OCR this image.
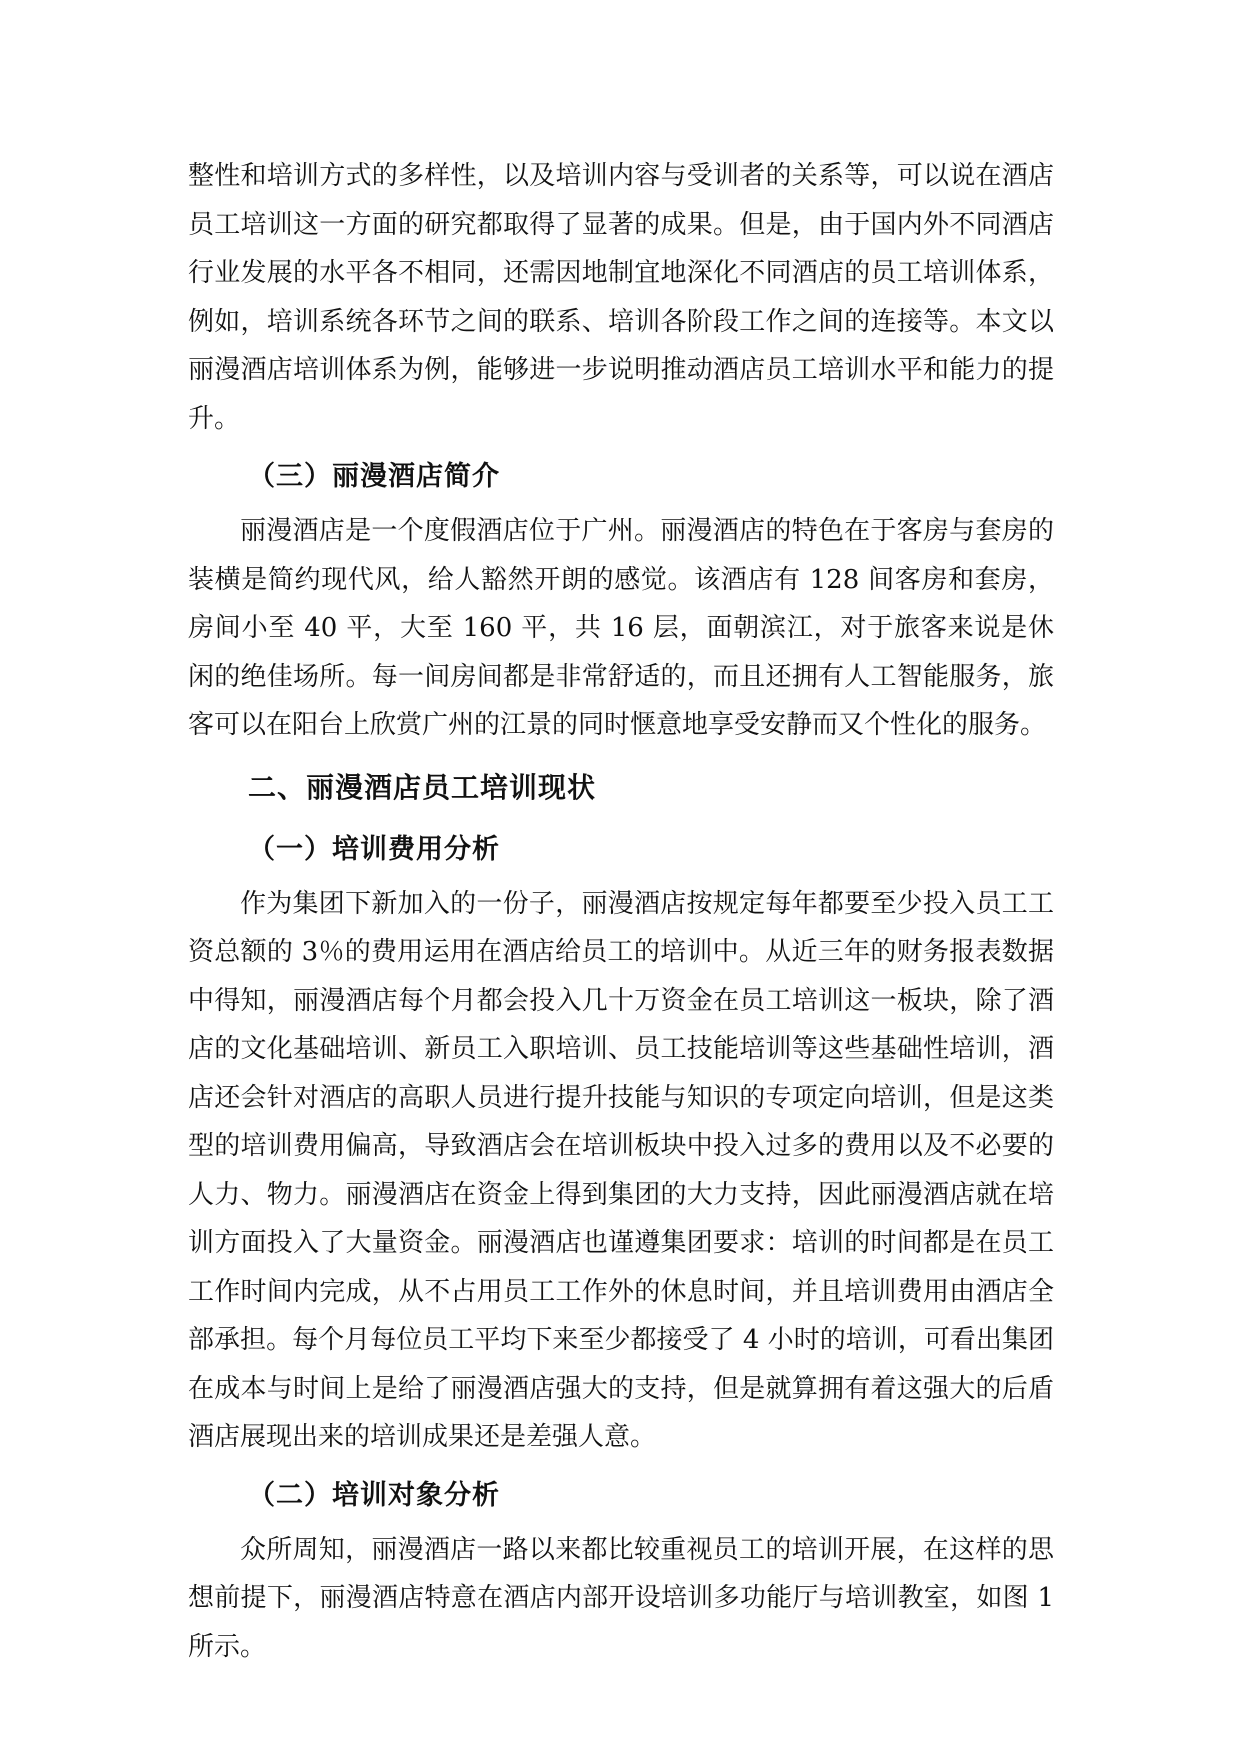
整性和培训方式的多样性，以及培训内容与受训者的关系等，可以说在酒店员工培训这一方面的研究都取得了显著的成果。但是，由于国内外不同酒店行业发展的水平各不相同，还需因地制宜地深化不同酒店的员工培训体系，例如，培训系统各环节之间的联系、培训各阶段工作之间的连接等。本文以丽漫酒店培训体系为例，能够进一步说明推动酒店员工培训水平和能力的提升。

（三）丽漫酒店简介

丽漫酒店是一个度假酒店位于广州。丽漫酒店的特色在于客房与套房的装横是简约现代风，给人豁然开朗的感觉。该酒店有 128 间客房和套房，房间小至 40 平，大至 160 平，共 16 层，面朝滨江，对于旅客来说是休闲的绝佳场所。每一间房间都是非常舒适的，而且还拥有人工智能服务，旅客可以在阳台上欣赏广州的江景的同时惬意地享受安静而又个性化的服务。

二、丽漫酒店员工培训现状
（一）培训费用分析

作为集团下新加入的一份子，丽漫酒店按规定每年都要至少投入员工工资总额的 3％的费用运用在酒店给员工的培训中。从近三年的财务报表数据中得知，丽漫酒店每个月都会投入几十万资金在员工培训这一板块，除了酒店的文化基础培训、新员工入职培训、员工技能培训等这些基础性培训，酒店还会针对酒店的高职人员进行提升技能与知识的专项定向培训，但是这类型的培训费用偏高，导致酒店会在培训板块中投入过多的费用以及不必要的人力、物力。丽漫酒店在资金上得到集团的大力支持，因此丽漫酒店就在培训方面投入了大量资金。丽漫酒店也谨遵集团要求：培训的时间都是在员工工作时间内完成，从不占用员工工作外的休息时间，并且培训费用由酒店全部承担。每个月每位员工平均下来至少都接受了 4 小时的培训，可看出集团在成本与时间上是给了丽漫酒店强大的支持，但是就算拥有着这强大的后盾酒店展现出来的培训成果还是差强人意。

（二）培训对象分析

众所周知，丽漫酒店一路以来都比较重视员工的培训开展，在这样的思想前提下，丽漫酒店特意在酒店内部开设培训多功能厅与培训教室，如图 1 所示。
